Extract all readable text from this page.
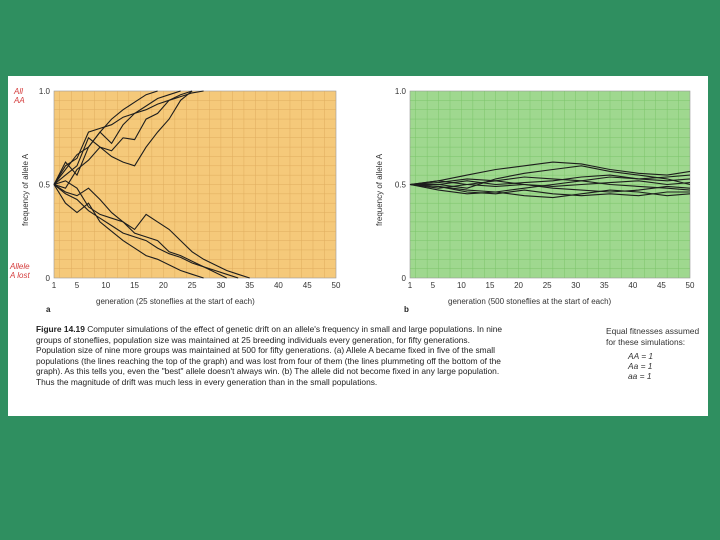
1 5	10 15 20 25 30 35 40 45 50
0
0.5
1.0
All AA
Allele A lost
frequency of allele A
generation (25 stoneflies at the start of each)
a
1 5	10 15 20 25 30 35 40 45 50
0
0.5
1.0
frequency of allele A
generation (500 stoneflies at the start of each)
b
Figure 14.19 Computer simulations of the effect of genetic drift on an allele's frequency in small and large populations. In nine groups of stoneflies, population size was maintained at 25 breeding individuals every generation, for fifty generations. Population size of nine more groups was maintained at 500 for fifty generations. (a) Allele A became fixed in five of the small populations (the lines reaching the top of the graph) and was lost from four of them (the lines plummeting off the bottom of the graph). As this tells you, even the "best" allele doesn't always win. (b) The allele did not become fixed in any large population. Thus the magnitude of drift was much less in every generation than in the small populations.
Equal fitnesses assumed for these simulations:
AA = 1
Aa = 1
aa = 1
